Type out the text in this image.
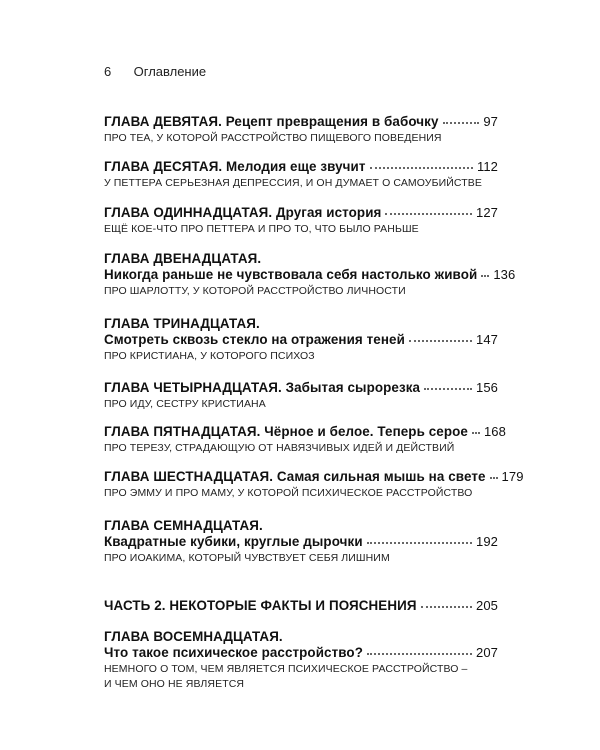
6 Оглавление
ГЛАВА ДЕВЯТАЯ. Рецепт превращения в бабочку	97
ПРО ТЕА, У КОТОРОЙ РАССТРОЙСТВО ПИЩЕВОГО ПОВЕДЕНИЯ
ГЛАВА ДЕСЯТАЯ. Мелодия еще звучит	112
У ПЕТТЕРА СЕРЬЕЗНАЯ ДЕПРЕССИЯ, И ОН ДУМАЕТ О САМОУБИЙСТВЕ
ГЛАВА ОДИННАДЦАТАЯ. Другая история	127
ЕЩЁ КОЕ-ЧТО ПРО ПЕТТЕРА И ПРО ТО, ЧТО БЫЛО РАНЬШЕ
ГЛАВА ДВЕНАДЦАТАЯ.
Никогда раньше не чувствовала себя настолько живой 136
ПРО ШАРЛОТТУ, У КОТОРОЙ РАССТРОЙСТВО ЛИЧНОСТИ
ГЛАВА ТРИНАДЦАТАЯ.
Смотреть сквозь стекло на отражения теней	147
ПРО КРИСТИАНА, У КОТОРОГО ПСИХОЗ
ГЛАВА ЧЕТЫРНАДЦАТАЯ. Забытая сырорезка	156
ПРО ИДУ, СЕСТРУ КРИСТИАНА
ГЛАВА ПЯТНАДЦАТАЯ. Чёрное и белое. Теперь серое 168
ПРО ТЕРЕЗУ, СТРАДАЮЩУЮ ОТ НАВЯЗЧИВЫХ ИДЕЙ И ДЕЙСТВИЙ
ГЛАВА ШЕСТНАДЦАТАЯ. Самая сильная мышь на свете 179
ПРО ЭММУ И ПРО МАМУ, У КОТОРОЙ ПСИХИЧЕСКОЕ РАССТРОЙСТВО
ГЛАВА СЕМНАДЦАТАЯ.
Квадратные кубики, круглые дырочки	192
ПРО ИОАКИМА, КОТОРЫЙ ЧУВСТВУЕТ СЕБЯ ЛИШНИМ
ЧАСТЬ 2. НЕКОТОРЫЕ ФАКТЫ И ПОЯСНЕНИЯ	205
ГЛАВА ВОСЕМНАДЦАТАЯ.
Что такое психическое расстройство?	207
НЕМНОГО О ТОМ, ЧЕМ ЯВЛЯЕТСЯ ПСИХИЧЕСКОЕ РАССТРОЙСТВО –
И ЧЕМ ОНО НЕ ЯВЛЯЕТСЯ
